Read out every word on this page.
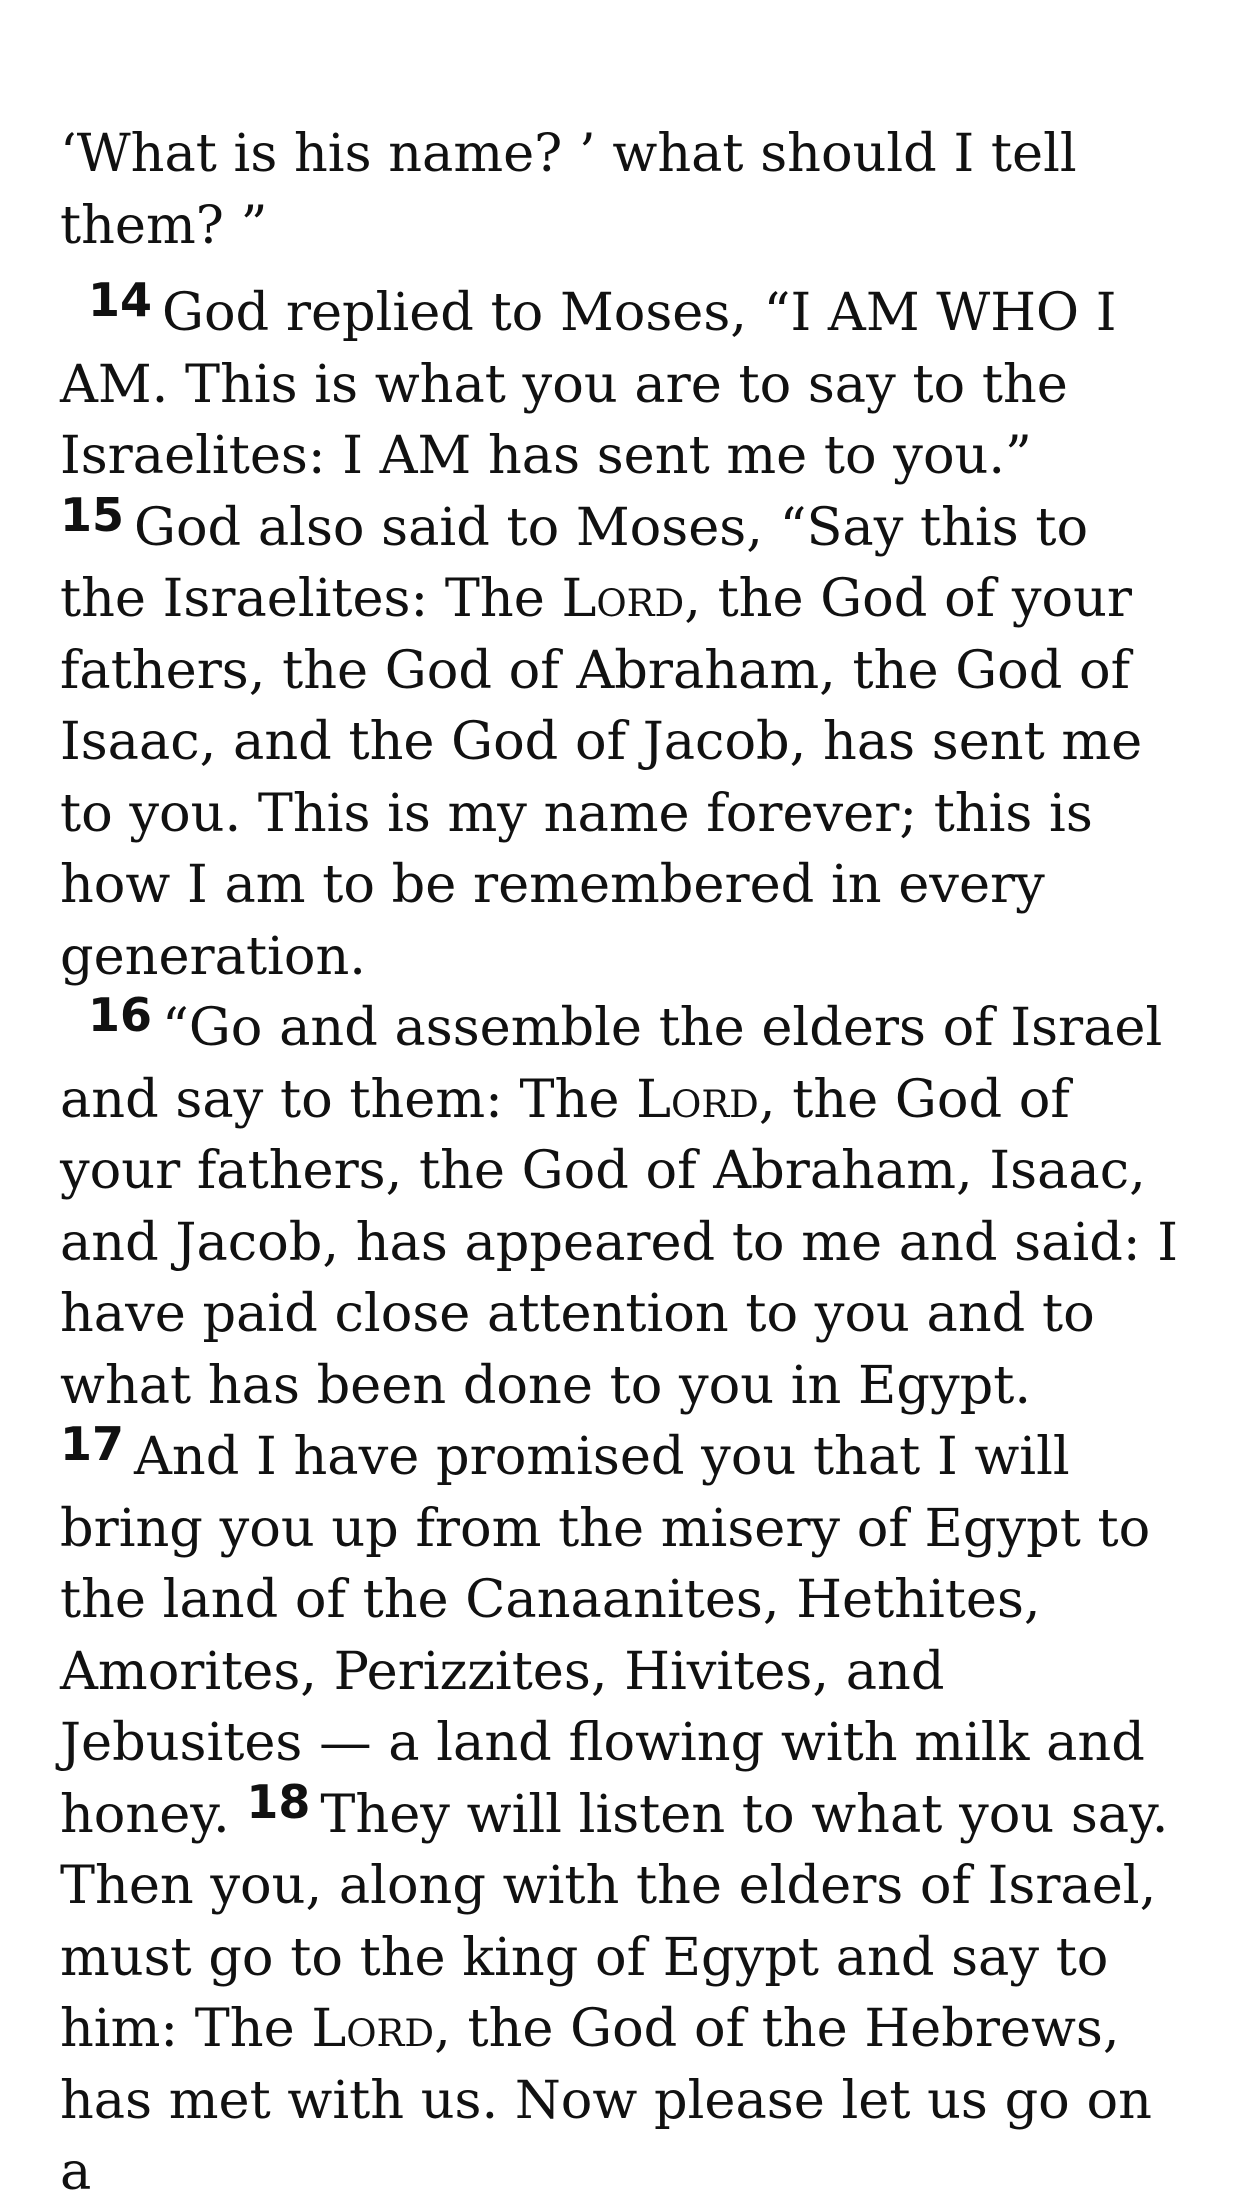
‘What is his name? ’ what should I tell them? ”

14 God replied to Moses, “I AM WHO I AM. This is what you are to say to the Israelites: I AM has sent me to you.” 15 God also said to Moses, “Say this to the Israelites: The Lord, the God of your fathers, the God of Abraham, the God of Isaac, and the God of Jacob, has sent me to you. This is my name forever; this is how I am to be remembered in every generation.

16 “Go and assemble the elders of Israel and say to them: The Lord, the God of your fathers, the God of Abraham, Isaac, and Jacob, has appeared to me and said: I have paid close attention to you and to what has been done to you in Egypt. 17 And I have promised you that I will bring you up from the misery of Egypt to the land of the Canaanites, Hethites, Amorites, Perizzites, Hivites, and Jebusites — a land flowing with milk and honey. 18 They will listen to what you say. Then you, along with the elders of Israel, must go to the king of Egypt and say to him: The Lord, the God of the Hebrews, has met with us. Now please let us go on a
